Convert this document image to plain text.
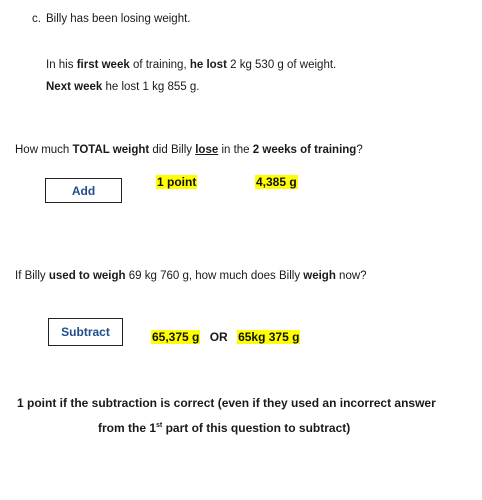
c. Billy has been losing weight.
In his first week of training, he lost 2 kg 530 g of weight.
Next week he lost 1 kg 855 g.
How much TOTAL weight did Billy lose in the 2 weeks of training?
Add
1 point	4,385 g
If Billy used to weigh 69 kg 760 g, how much does Billy weigh now?
Subtract	65,375 g OR 65kg 375 g
1 point if the subtraction is correct (even if they used an incorrect answer
from the 1st part of this question to subtract)
